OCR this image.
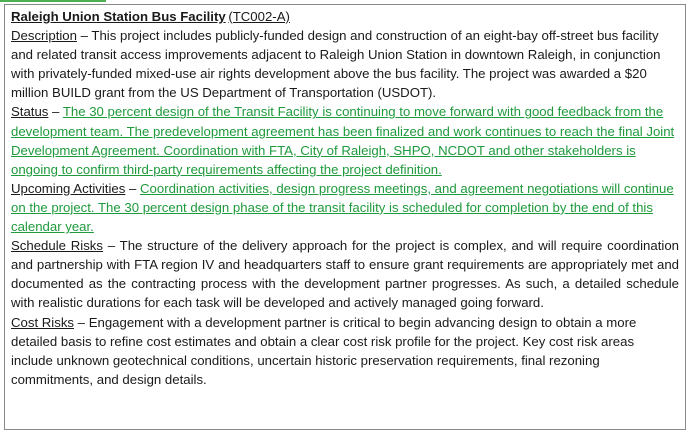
Raleigh Union Station Bus Facility  (TC002-A)

Description – This project includes publicly-funded design and construction of an eight-bay off-street bus facility and related transit access improvements adjacent to Raleigh Union Station in downtown Raleigh, in conjunction with privately-funded mixed-use air rights development above the bus facility. The project was awarded a $20 million BUILD grant from the US Department of Transportation (USDOT).

Status – The 30 percent design of the Transit Facility is continuing to move forward with good feedback from the development team. The predevelopment agreement has been finalized and work continues to reach the final Joint Development Agreement. Coordination with FTA, City of Raleigh, SHPO, NCDOT and other stakeholders is ongoing to confirm third-party requirements affecting the project definition.

Upcoming Activities – Coordination activities, design progress meetings, and agreement negotiations will continue on the project. The 30 percent design phase of the transit facility is scheduled for completion by the end of this calendar year.

Schedule Risks – The structure of the delivery approach for the project is complex, and will require coordination and partnership with FTA region IV and headquarters staff to ensure grant requirements are appropriately met and documented as the contracting process with the development partner progresses. As such, a detailed schedule with realistic durations for each task will be developed and actively managed going forward.

Cost Risks – Engagement with a development partner is critical to begin advancing design to obtain a more detailed basis to refine cost estimates and obtain a clear cost risk profile for the project. Key cost risk areas include unknown geotechnical conditions, uncertain historic preservation requirements, final rezoning commitments, and design details.
